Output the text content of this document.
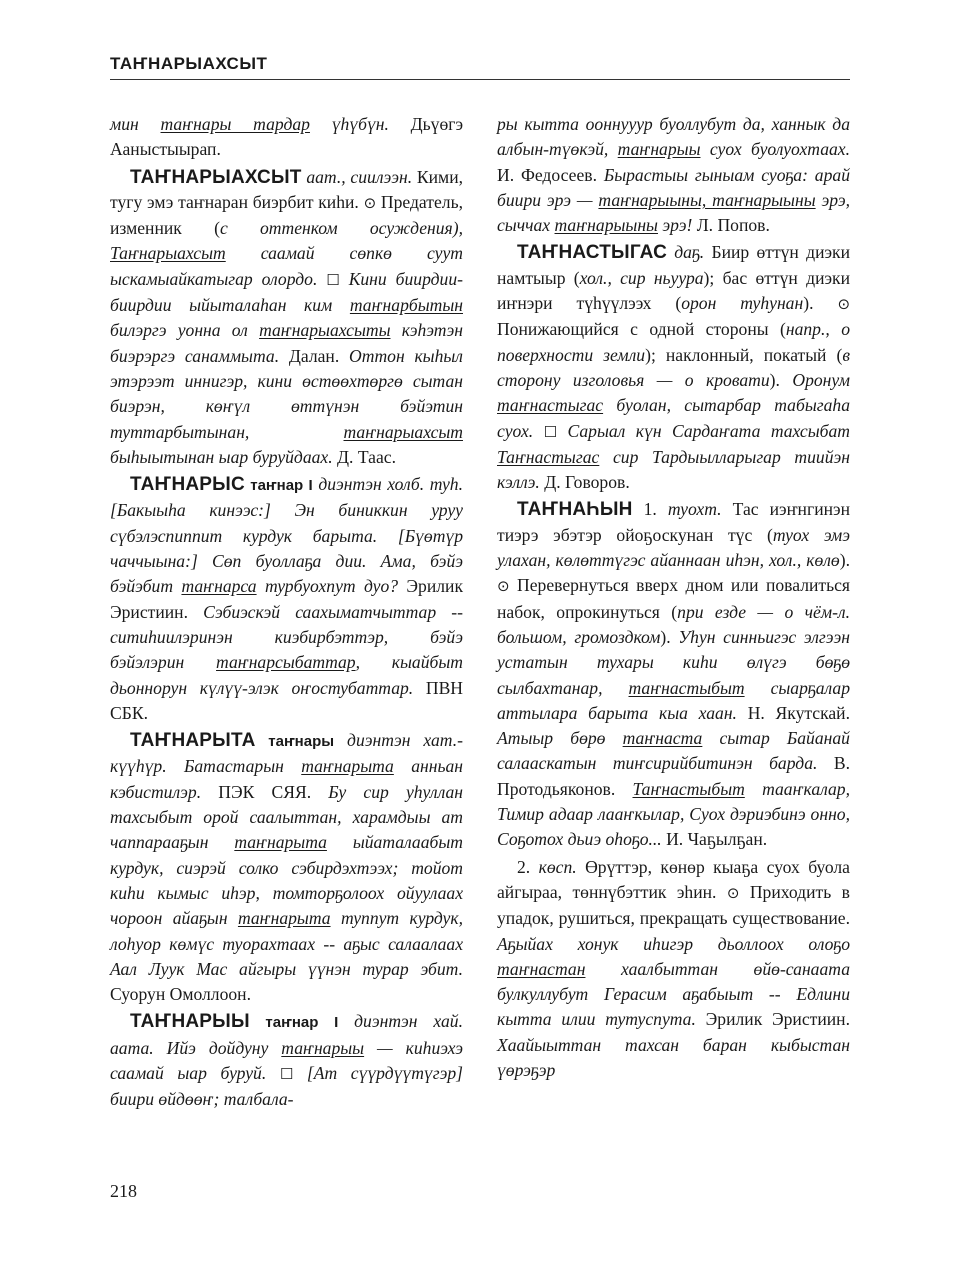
ТАҤНАРЫАХСЫТ

мин таҥнары тардар үһүбүн. Дьүөгэ Ааныстыырап.

ТАҤНАРЫАХСЫТ аат., сиилээн. Кими, тугу эмэ таҥнаран биэрбит киһи. ⊙ Предатель, изменник (с оттенком осуждения), Таҥнарыахсыт саамай сөпкө суут ыскамыайкатыгар олордо. ☐ Кини биирдии-биирдии ыйыталаһан ким таҥнарбытын билэргэ уонна ол таҥнарыахсыты кэһэтэн биэрэргэ санаммыта. Далан. Оттон кыһыл этэрээт иннигэр, кини өстөөхтөргө сытан биэрэн, көҥүл өттүнэн бэйэтин туттарбытынан, таҥнарыахсыт быһыытынан ыар буруйдаах. Д. Таас.

ТАҤНАРЫС таҥнар I диэнтэн холб. туһ. [Бакыыһа кинээс:] Эн биниккин уруу сүбэлэспиппит курдук барыта. [Бүөтүр чаччыына:] Сөп буоллаҕа дии. Ама, бэйэ бэйэбит таҥнарса турбуохпут дуо? Эрилик Эристиин. Сэбиэскэй саахыматчыттар -- ситиһиилэринэн киэбирбэттэр, бэйэ бэйэлэрин таҥнарсыбаттар, кыайбыт дьоннорун күлүү-элэк оҥостубаттар. ПВН СБК.

ТАҤНАРЫТА таҥнары диэнтэн хат.-күүһүр. Батастарын таҥнарыта анньан кэбистилэр. ПЭК СЯЯ. Бу сир уһуллан тахсыбыт орой саалыттан, харамдыы ат чаппарааҕын таҥнарыта ыйаталаабыт курдук, сиэрэй солко сэбирдэхтээх; тойот киһи кымыс иһэр, томторҕолоох ойуулаах чороон айаҕын таҥнарыта туппут курдук, лоһуор көмүс туорахтаах -- аҕыс салаалаах Аал Луук Мас айгыры үүнэн турар эбит. Суорун Омоллоон.

ТАҤНАРЫЫ таҥнар I диэнтэн хай. аата. Ийэ дойдуну таҥнарыы — киһиэхэ саамай ыар буруй. ☐ [Ат сүүрдүүтүгэр] биири өйдөөҥ; талбала-

ры кытта ооннууур буоллубут да, ханнык да албын-түөкэй, таҥнарыы суох буолуохтаах. И. Федосеев. Бырастыы гыныам суоҕа: арай биири эрэ — таҥнарыыны, таҥнарыыны эрэ, сыччах таҥнарыыны эрэ! Л. Попов.

ТАҤНАСТЫГАС даҕ. Биир өттүн диэки намтыыр (хол., сир ньуура); бас өттүн диэки иҥнэри түһүүлээх (орон туһунан). ⊙ Понижающийся с одной стороны (напр., о поверхности земли); наклонный, покатый (в сторону изголовья — о кровати). Оронум таҥнастыгас буолан, сытарбар табыгаһа суох. ☐ Сарыал күн Сардаҥата тахсыбат Таҥнастыгас сир Тардыылларыгар тиийэн кэллэ. Д. Говоров.

ТАҤНАҺЫН 1. туохт. Тас иэҥнгинэн тиэрэ эбэтэр ойоҕоскунан түс (туох эмэ улахан, көлөттүгэс айаннаан иһэн, хол., көлө). ⊙ Перевернуться вверх дном или повалиться набок, опрокинуться (при езде — о чём-л. большом, громоздком). Уһун синньигэс элгээн устатын тухары киһи өлүгэ бөҕө сылбахтанар, таҥнастыбыт сыарҕалар аттылара барыта кыа хаан. Н. Якутскай. Атыыр бөрө таҥнаста сытар Байанай салааскатын тиҥсирийбитинэн барда. В. Протодьяконов. Таҥнастыбыт тааҥкалар, Тимир адаар лааҥкылар, Суох дэриэбинэ онно, Соҕотох дьиэ оһоҕо... И. Чаҕылҕан.

2. көсп. Өрүттэр, көнөр кыаҕа суох буола айгыраа, төннүбэттик эһин. ⊙ Приходить в упадок, рушиться, прекращать существование. Аҕыйах хонук иһигэр дьоллоох олоҕо таҥнастан хаалбыттан өйө-санаата булкуллубут Герасим аҕабыыт -- Едлини кытта илии тутуспута. Эрилик Эристиин. Хаайыыттан тахсан баран кыбыстан үөрэҕэр

218
